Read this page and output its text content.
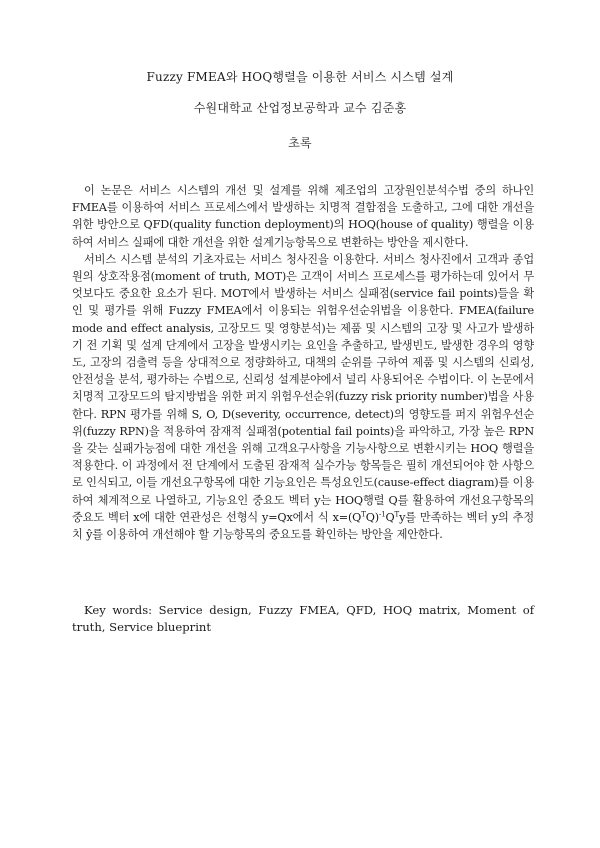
Fuzzy FMEA와 HOQ행렬을 이용한 서비스 시스템 설계
수원대학교 산업정보공학과 교수 김준홍
초록

이 논문은 서비스 시스템의 개선 및 설계를 위해 제조업의 고장원인분석수법 중의 하나인 FMEA를 이용하여 서비스 프로세스에서 발생하는 치명적 결함점을 도출하고, 그에 대한 개선을 위한 방안으로 QFD(quality function deployment)의 HOQ(house of quality) 행렬을 이용하여 서비스 실패에 대한 개선을 위한 설계기능항목으로 변환하는 방안을 제시한다.

서비스 시스템 분석의 기초자료는 서비스 청사진을 이용한다. 서비스 청사진에서 고객과 종업원의 상호작용점(moment of truth, MOT)은 고객이 서비스 프로세스를 평가하는데 있어서 무엇보다도 중요한 요소가 된다. MOT에서 발생하는 서비스 실패점(service fail points)들을 확인 및 평가를 위해 Fuzzy FMEA에서 이용되는 위험우선순위법을 이용한다. FMEA(failure mode and effect analysis, 고장모드 및 영향분석)는 제품 및 시스템의 고장 및 사고가 발생하기 전 기획 및 설계 단계에서 고장을 발생시키는 요인을 추출하고, 발생빈도, 발생한 경우의 영향도, 고장의 검출력 등을 상대적으로 정량화하고, 대책의 순위를 구하여 제품 및 시스템의 신뢰성, 안전성을 분석, 평가하는 수법으로, 신뢰성 설계분야에서 널리 사용되어온 수법이다. 이 논문에서 치명적 고장모드의 탐지방법을 위한 퍼지 위험우선순위(fuzzy risk priority number)법을 사용한다. RPN 평가를 위해 S, O, D(severity, occurrence, detect)의 영향도를 퍼지 위험우선순위(fuzzy RPN)을 적용하여 잠재적 실패점(potential fail points)을 파악하고, 가장 높은 RPN을 갖는 실패가능점에 대한 개선을 위해 고객요구사항을 기능사항으로 변환시키는 HOQ 행렬을 적용한다. 이 과정에서 전 단계에서 도출된 잠재적 실수가능 항목들은 필히 개선되어야 한 사항으로 인식되고, 이들 개선요구항목에 대한 기능요인은 특성요인도(cause-effect diagram)를 이용하여 체계적으로 나열하고, 기능요인 중요도 벡터 y는 HOQ행렬 Q를 활용하여 개선요구항목의 중요도 벡터 x에 대한 연관성은 선형식 y=Qx에서 식 $x=(Q^TQ)^{-1}Q^Ty$를 만족하는 벡터 y의 추정치 ŷ를 이용하여 개선해야 할 기능항목의 중요도를 확인하는 방안을 제안한다.

Key words: Service design, Fuzzy FMEA, QFD, HOQ matrix, Moment of truth, Service blueprint
